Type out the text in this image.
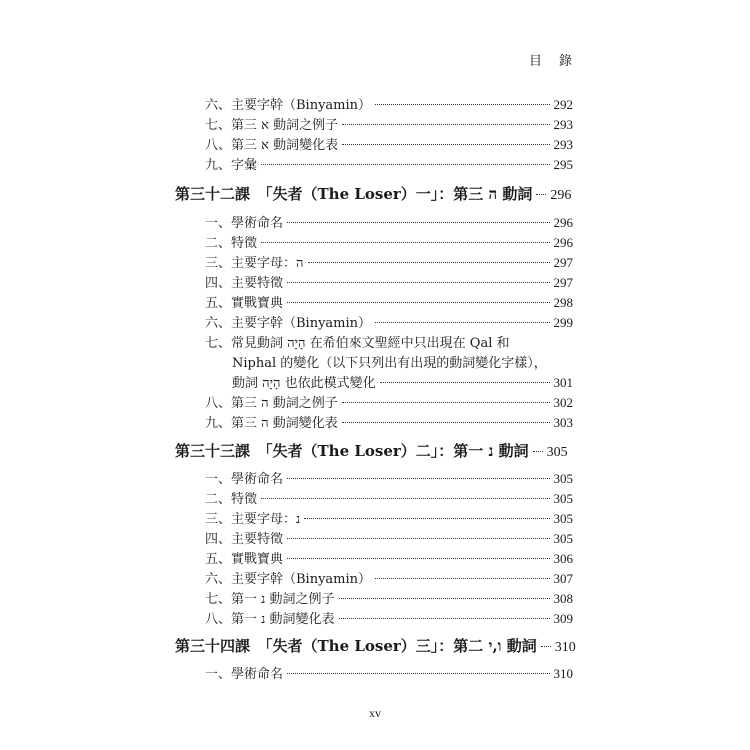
目　錄
六、主要字幹（Binyamin）	292
七、第三 א 動詞之例子	293
八、第三 א 動詞變化表	293
九、字彙	295
第三十二課　「失者（The Loser）一」：第三 ה 動詞 296
一、學術命名	296
二、特徵	296
三、主要字母：ה	297
四、主要特徵	297
五、實戰寶典	298
六、主要字幹（Binyamin）	299
七、常見動詞 הָיָה 在希伯來文聖經中只出現在 Qal 和
Niphal 的變化（以下只列出有出現的動詞變化字樣），
動詞 הָיָה 也依此模式變化	301
八、第三 ה 動詞之例子	302
九、第三 ה 動詞變化表	303
第三十三課　「失者（The Loser）二」：第一 נ 動詞 305
一、學術命名	305
二、特徵	305
三、主要字母：נ	305
四、主要特徵	305
五、實戰寶典	306
六、主要字幹（Binyamin）	307
七、第一 נ 動詞之例子	308
八、第一 נ 動詞變化表	309
第三十四課　「失者（The Loser）三」：第二 ו,י 動詞 310
一、學術命名	310
xv
